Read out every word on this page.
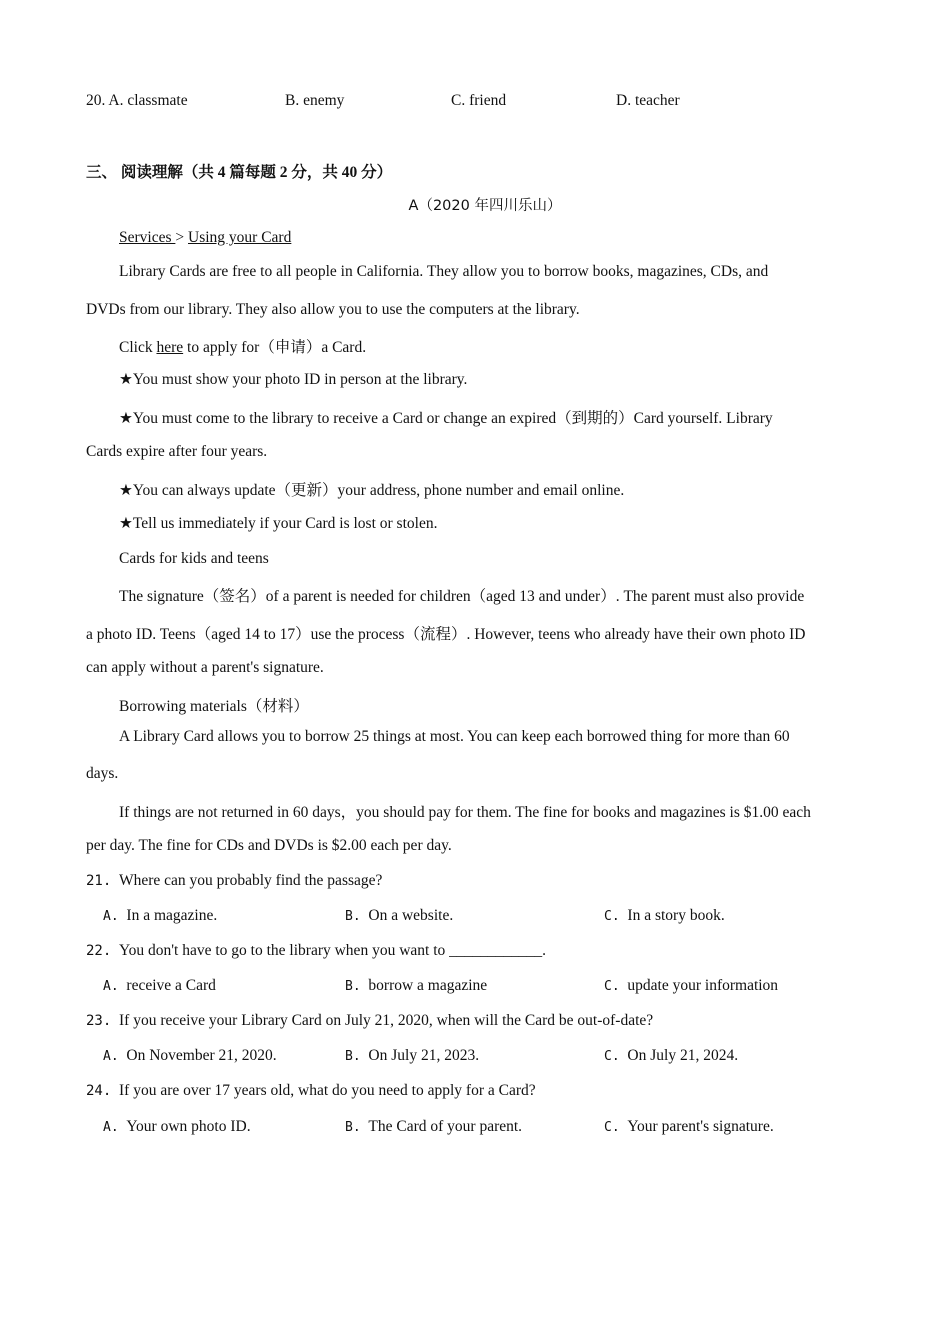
20. A. classmate	B. enemy	C. friend	D. teacher
三、 阅读理解（共 4 篇每题 2 分，共 40 分）
A（2020 年四川乐山）
Services > Using your Card
Library Cards are free to all people in California. They allow you to borrow books, magazines, CDs, and
DVDs from our library. They also allow you to use the computers at the library.
Click here to apply for（申请）a Card.
★You must show your photo ID in person at the library.
★You must come to the library to receive a Card or change an expired（到期的）Card yourself. Library
Cards expire after four years.
★You can always update（更新）your address, phone number and email online.
★Tell us immediately if your Card is lost or stolen.
Cards for kids and teens
The signature（签名）of a parent is needed for children（aged 13 and under）. The parent must also provide
a photo ID. Teens（aged 14 to 17）use the process（流程）. However, teens who already have their own photo ID
can apply without a parent's signature.
Borrowing materials（材料）
A Library Card allows you to borrow 25 things at most. You can keep each borrowed thing for more than 60
days.
If things are not returned in 60 days，you should pay for them. The fine for books and magazines is $1.00 each
per day. The fine for CDs and DVDs is $2.00 each per day.
21. Where can you probably find the passage?
A. In a magazine.	B. On a website.	C. In a story book.
22. You don't have to go to the library when you want to ____________.
A. receive a Card	B. borrow a magazine	C. update your information
23. If you receive your Library Card on July 21, 2020, when will the Card be out-of-date?
A. On November 21, 2020.	B. On July 21, 2023.	C. On July 21, 2024.
24. If you are over 17 years old, what do you need to apply for a Card?
A. Your own photo ID.	B. The Card of your parent.	C. Your parent's signature.
